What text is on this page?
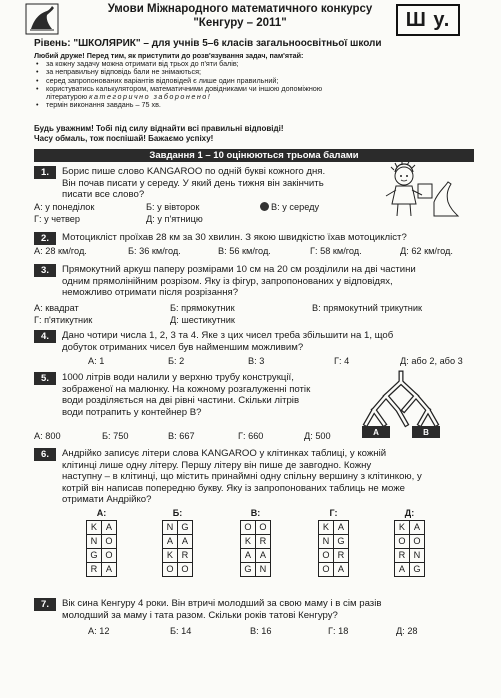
Умови Міжнародного математичного конкурсу
"Кенгуру – 2011"	Ш у.
Рівень: "ШКОЛЯРИК" – для учнів 5–6 класів загальноосвітньої школи
Любий друже! Перед тим, як приступити до розв'язування задач, пам'ятай:
• за кожну задачу можна отримати від трьох до п'яти балів;
• за неправильну відповідь бали не знімаються;
• серед запропонованих варіантів відповідей є лише один правильний;
• користуватись калькулятором, математичними довідниками чи іншою допоміжною літературою категорично заборонено!
• термін виконання завдань – 75 хв.
Будь уважним! Тобі під силу віднайти всі правильні відповіді!
Часу обмаль, тож поспішай! Бажаємо успіху!
Завдання 1 – 10 оцінюються трьома балами
1.	Борис пише слово KANGAROO по одній букві кожного дня.
Він почав писати у середу. У який день тижня він закінчить
писати все слово?
А: у понеділок	Б: у вівторок	В: у середу
Г: у четвер	Д: у п'ятницю
2.	Мотоцикліст проїхав 28 км за 30 хвилин. З якою швидкістю їхав мотоцикліст?
А: 28 км/год.	Б: 36 км/год.	В: 56 км/год.	Г: 58 км/год.	Д: 62 км/год.
3.	Прямокутний аркуш паперу розмірами 10 см на 20 см розділили на дві частини
одним прямолінійним розрізом. Яку із фігур, запропонованих у відповідях,
неможливо отримати після розрізання?
А: квадрат	Б: прямокутник	В: прямокутний трикутник
Г: п'ятикутник	Д: шестикутник
4.	Дано чотири числа 1, 2, 3 та 4. Яке з цих чисел треба збільшити на 1, щоб
добуток отриманих чисел був найменшим можливим?
А: 1	Б: 2	В: 3	Г: 4	Д: або 2, або 3
5.	1000 літрів води налили у верхню трубу конструкції,
зображеної на малюнку. На кожному розгалуженні потік
води розділяється на дві рівні частини. Скільки літрів
води потрапить у контейнер В?
A	B
А: 800	Б: 750	В: 667	Г: 660	Д: 500
6.	Андрійко записує літери слова KANGAROO у клітинках таблиці, у кожній
клітинці лише одну літеру. Першу літеру він пише де завгодно. Кожну
наступну – в клітинці, що містить принаймні одну спільну вершину з клітинкою, у
котрій він написав попередню букву. Яку із запропонованих таблиць не може
отримати Андрійко?
А:
K	A
N	O
G	O
R	A
Б:
N	G
A	A
K	R
O	O
В:
O	O
K	R
A	A
G	N
Г:
K	A
N	G
O	R
O	A
Д:
K	A
O	O
R	N
A	G
7.	Вік сина Кенгуру 4 роки. Він втричі молодший за свою маму і в сім разів
молодший за маму і тата разом. Скільки років татові Кенгуру?
А: 12	Б: 14	В: 16	Г: 18	Д: 28
